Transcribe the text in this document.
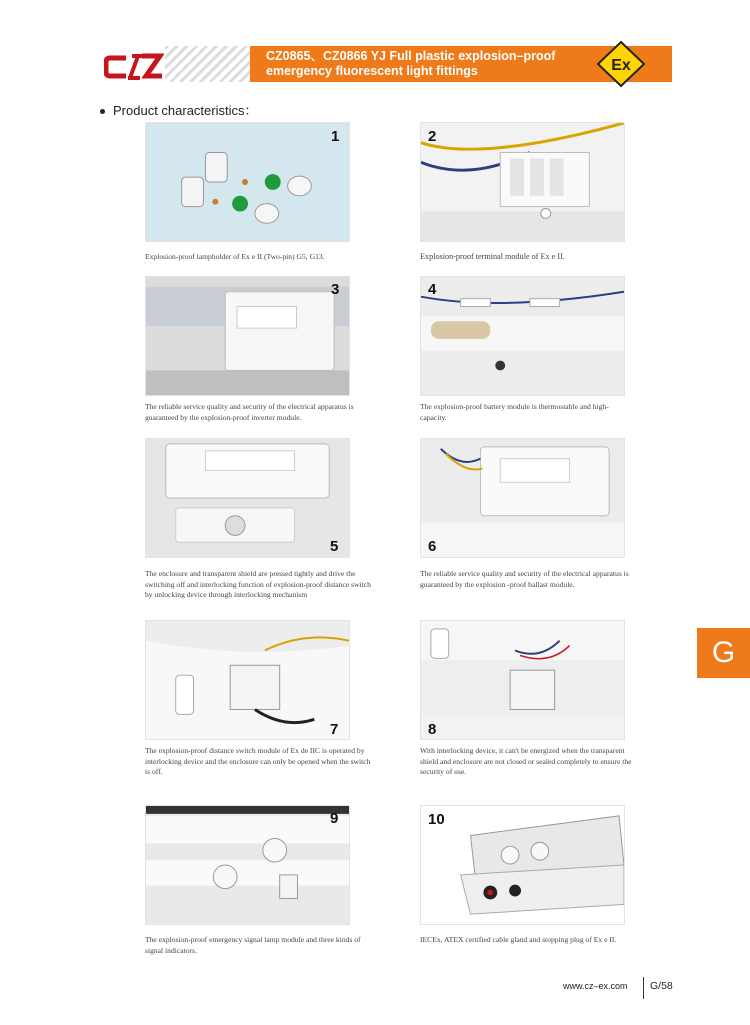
CZ0865、CZ0866 YJ Full plastic explosion–proof
emergency fluorescent light fittings	Ex
Product characteristics：
1
Explosion-proof lampholder of Ex e II (Two-pin) G5, G13.
2
Explosion-proof terminal module of Ex e II.
3
The reliable service quality and security of the electrical apparatus is guaranteed by the explosion-proof inverter module.
4
The explosion-proof battery module is thermostable and high-capacity.
5
The enclosure and transparent shield are pressed tightly and drive the switching off and interlocking function of explosion-proof distance switch by unlocking device through interlocking mechanism
6
The reliable service quality and security of the electrical apparatus is guaranteed by the explosion -proof ballast module.
7
The explosion-proof distance switch module of Ex de IIC is operated by interlocking device and the enclosure can only be opened when the switch is off.
8
With interlocking device, it can't be energized when the transparent shield and enclosure are not closed or sealed completely to ensure the security of use.
9
The explosion-proof emergency signal lamp module and three kinds of signal indicators.
10
IECEx, ATEX certified cable gland and stopping plug of Ex e II.
G
www.cz–ex.com G/58
